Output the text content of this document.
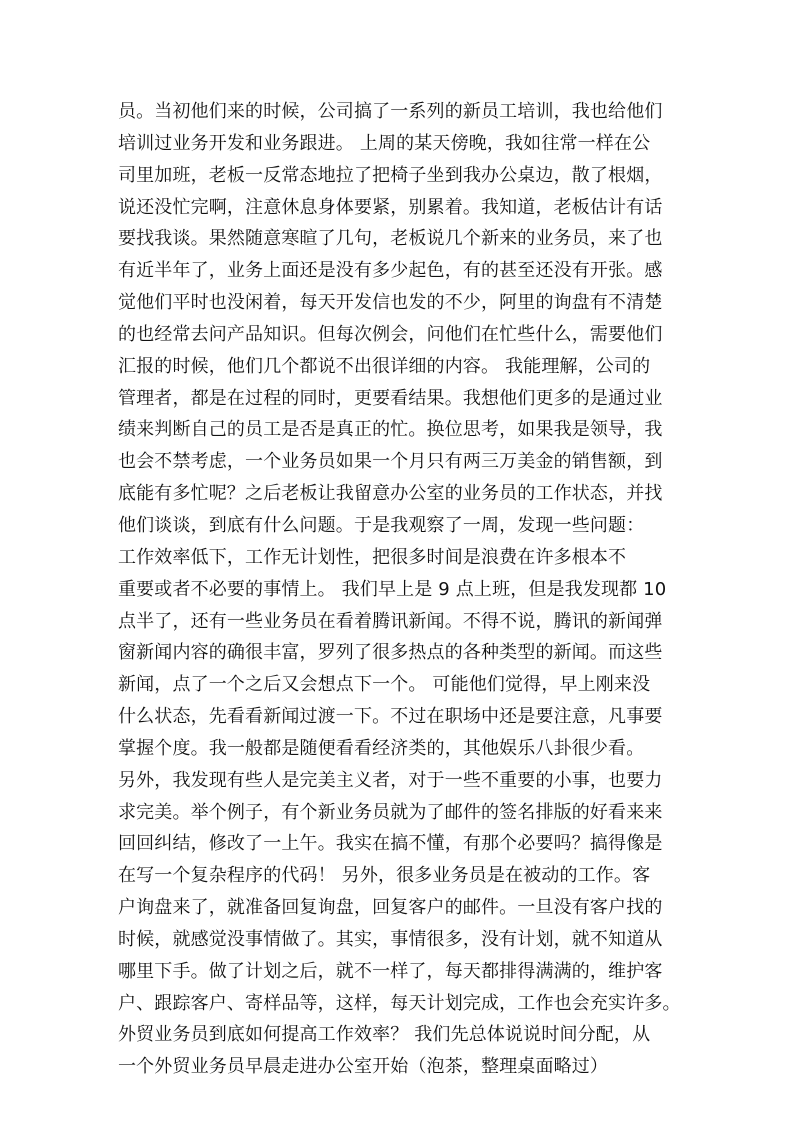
员。当初他们来的时候，公司搞了一系列的新员工培训，我也给他们
培训过业务开发和业务跟进。 上周的某天傍晚，我如往常一样在公
司里加班，老板一反常态地拉了把椅子坐到我办公桌边，散了根烟，
说还没忙完啊，注意休息身体要紧，别累着。我知道，老板估计有话
要找我谈。果然随意寒暄了几句，老板说几个新来的业务员，来了也
有近半年了，业务上面还是没有多少起色，有的甚至还没有开张。感
觉他们平时也没闲着，每天开发信也发的不少，阿里的询盘有不清楚
的也经常去问产品知识。但每次例会，问他们在忙些什么，需要他们
汇报的时候，他们几个都说不出很详细的内容。 我能理解，公司的
管理者，都是在过程的同时，更要看结果。我想他们更多的是通过业
绩来判断自己的员工是否是真正的忙。换位思考，如果我是领导，我
也会不禁考虑，一个业务员如果一个月只有两三万美金的销售额，到
底能有多忙呢？之后老板让我留意办公室的业务员的工作状态，并找
他们谈谈，到底有什么问题。于是我观察了一周，发现一些问题：
工作效率低下，工作无计划性，把很多时间是浪费在许多根本不
重要或者不必要的事情上。 我们早上是 9 点上班，但是我发现都 10
点半了，还有一些业务员在看着腾讯新闻。不得不说，腾讯的新闻弹
窗新闻内容的确很丰富，罗列了很多热点的各种类型的新闻。而这些
新闻，点了一个之后又会想点下一个。 可能他们觉得，早上刚来没
什么状态，先看看新闻过渡一下。不过在职场中还是要注意，凡事要
掌握个度。我一般都是随便看看经济类的，其他娱乐八卦很少看。
另外，我发现有些人是完美主义者，对于一些不重要的小事，也要力
求完美。举个例子，有个新业务员就为了邮件的签名排版的好看来来
回回纠结，修改了一上午。我实在搞不懂，有那个必要吗？搞得像是
在写一个复杂程序的代码！ 另外，很多业务员是在被动的工作。客
户询盘来了，就准备回复询盘，回复客户的邮件。一旦没有客户找的
时候，就感觉没事情做了。其实，事情很多，没有计划，就不知道从
哪里下手。做了计划之后，就不一样了，每天都排得满满的，维护客
户、跟踪客户、寄样品等，这样，每天计划完成，工作也会充实许多。
外贸业务员到底如何提高工作效率？ 我们先总体说说时间分配，从
一个外贸业务员早晨走进办公室开始（泡茶，整理桌面略过）
